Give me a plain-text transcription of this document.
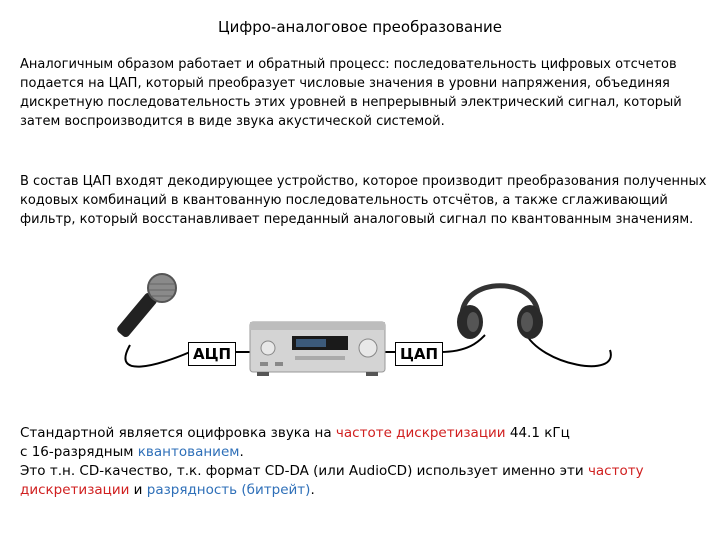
Цифро-аналоговое преобразование

Аналогичным образом работает и обратный процесс: последовательность цифровых отсчетов подается на ЦАП, который преобразует числовые значения в уровни напряжения, объединяя дискретную последовательность этих уровней в непрерывный электрический сигнал, который затем воспроизводится в виде звука акустической системой.

В состав ЦАП входят декодирующее устройство, которое производит преобразования полученных кодовых комбинаций в квантованную последовательность отсчётов, а также сглаживающий фильтр, который восстанавливает переданный аналоговый сигнал по квантованным значениям.

АЦП	ЦАП

Стандартной является оцифровка звука на частоте дискретизации 44.1 кГц
с 16-разрядным квантованием.
Это т.н. CD-качество, т.к. формат CD-DA (или AudioCD) использует именно эти частоту дискретизации и разрядность (битрейт).
